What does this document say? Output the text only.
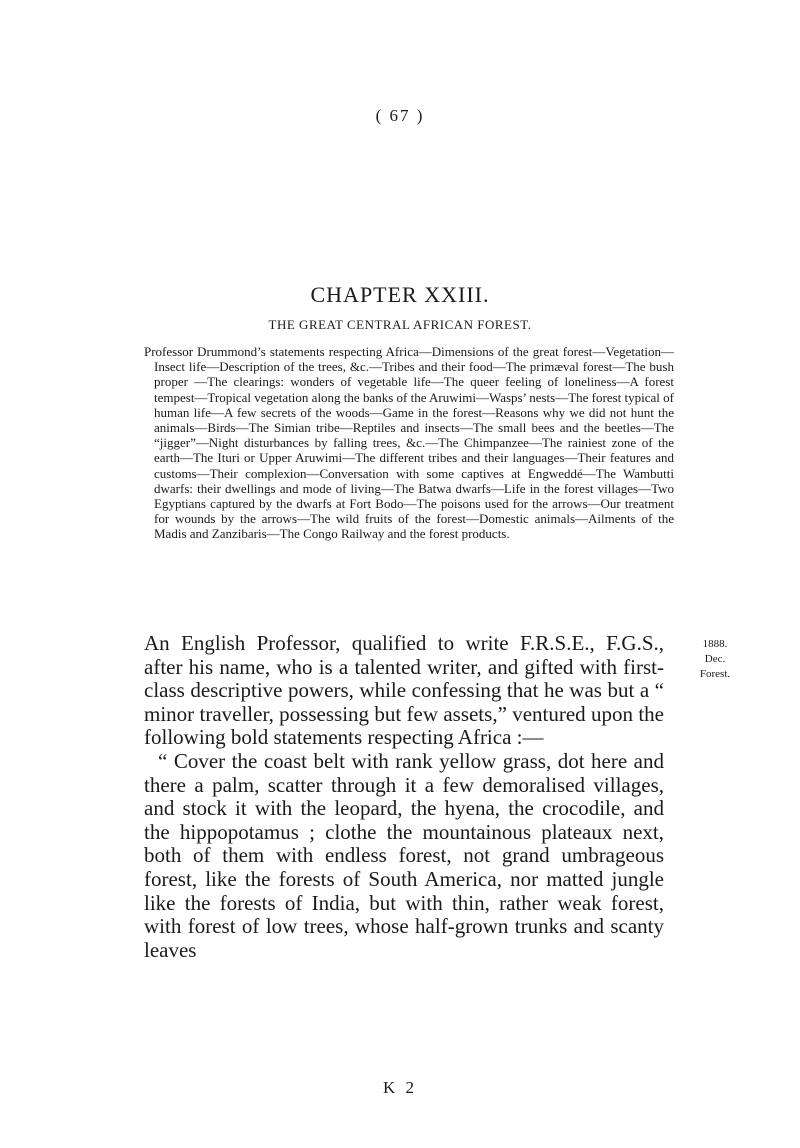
( 67 )
CHAPTER XXIII.
THE GREAT CENTRAL AFRICAN FOREST.
Professor Drummond’s statements respecting Africa—Dimensions of the great forest—Vegetation—Insect life—Description of the trees, &c.—Tribes and their food—The primæval forest—The bush proper —The clearings: wonders of vegetable life—The queer feeling of loneliness—A forest tempest—Tropical vegetation along the banks of the Aruwimi—Wasps’ nests—The forest typical of human life—A few secrets of the woods—Game in the forest—Reasons why we did not hunt the animals—Birds—The Simian tribe—Reptiles and insects—The small bees and the beetles—The “jigger”—Night disturbances by falling trees, &c.—The Chimpanzee—The rainiest zone of the earth—The Ituri or Upper Aruwimi—The different tribes and their languages—Their features and customs—Their complexion—Conversation with some captives at Engweddé—The Wambutti dwarfs: their dwellings and mode of living—The Batwa dwarfs—Life in the forest villages—Two Egyptians captured by the dwarfs at Fort Bodo—The poisons used for the arrows—Our treatment for wounds by the arrows—The wild fruits of the forest—Domestic animals—Ailments of the Madis and Zanzibaris—The Congo Railway and the forest products.

An English Professor, qualified to write F.R.S.E., F.G.S., after his name, who is a talented writer, and gifted with first-class descriptive powers, while confessing that he was but a “ minor traveller, possessing but few assets,” ventured upon the following bold statements respecting Africa :—

“ Cover the coast belt with rank yellow grass, dot here and there a palm, scatter through it a few demoralised villages, and stock it with the leopard, the hyena, the crocodile, and the hippopotamus ; clothe the mountainous plateaux next, both of them with endless forest, not grand umbrageous forest, like the forests of South America, nor matted jungle like the forests of India, but with thin, rather weak forest, with forest of low trees, whose half-grown trunks and scanty leaves

1888.
Dec.
Forest.
K 2
